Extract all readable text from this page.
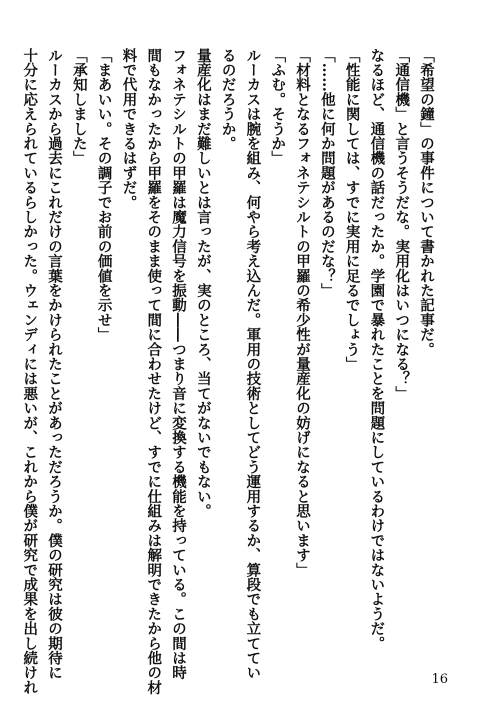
「希望の鐘」の事件について書かれた記事だ。

「通信機」と言うそうだな。実用化はいつになる？」

なるほど、通信機の話だったか。学園で暴れたことを問題にしているわけではないようだ。

「性能に関しては、すでに実用に足るでしょう」

「……他に何か問題があるのだな？」

「材料となるフォネテシルトの甲羅の希少性が量産化の妨げになると思います」

「ふむ。そうか」

ルーカスは腕を組み、何やら考え込んだ。軍用の技術としてどう運用するか、算段でも立ててい

るのだろうか。

量産化はまだ難しいとは言ったが、実のところ、当てがないでもない。

フォネテシルトの甲羅は魔力信号を振動――つまり音に変換する機能を持っている。この間は時

間もなかったから甲羅をそのまま使って間に合わせたけど、すでに仕組みは解明できたから他の材

料で代用できるはずだ。

「まあいい。その調子でお前の価値を示せ」

「承知しました」

ルーカスから過去にこれだけの言葉をかけられたことがあっただろうか。僕の研究は彼の期待に

十分に応えられているらしかった。ウェンディには悪いが、これから僕が研究で成果を出し続けれ	16
